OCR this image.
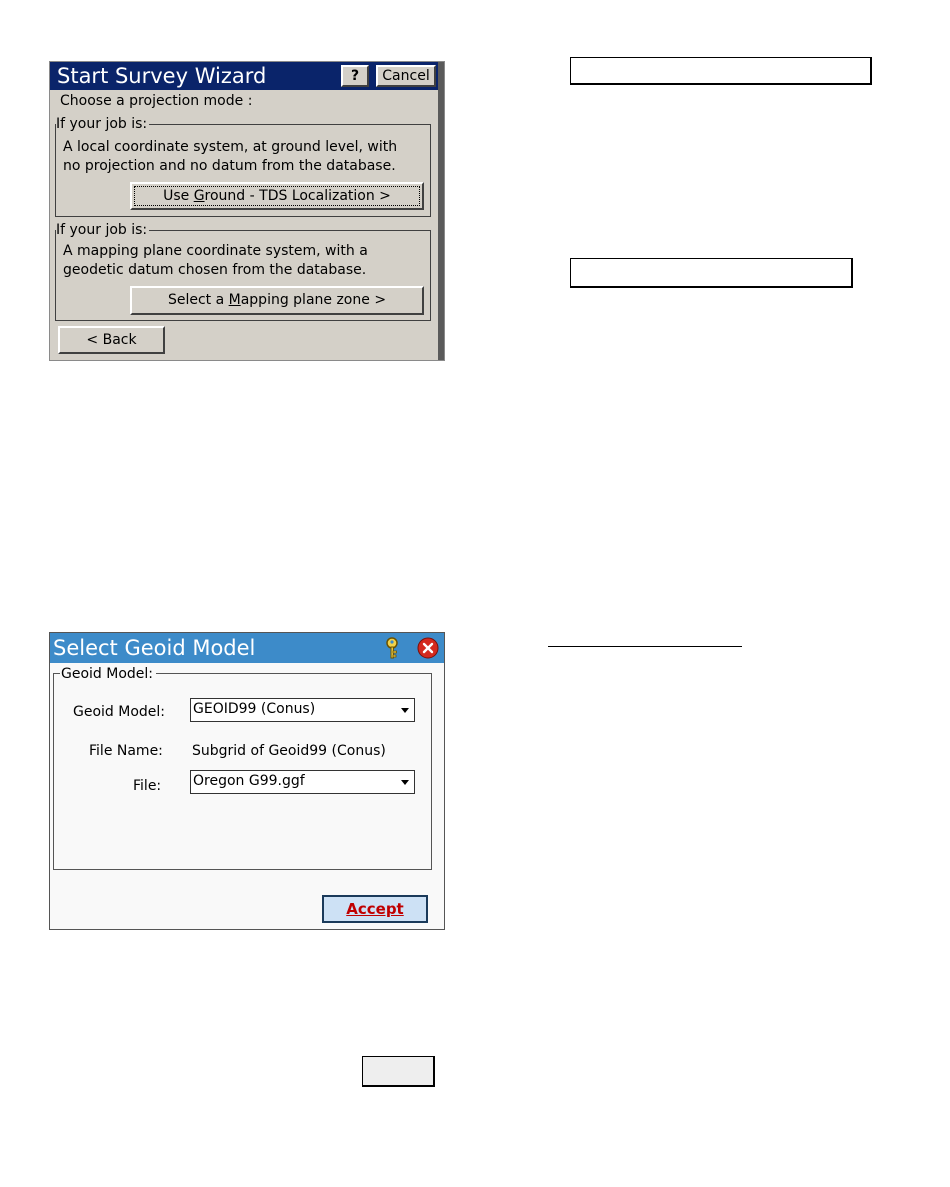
Start Survey Wizard	?	Cancel
Choose a projection mode :
If your job is:
A local coordinate system, at ground level, with
no projection and no datum from the database.
Use Ground - TDS Localization >
If your job is:
A mapping plane coordinate system, with a
geodetic datum chosen from the database.
Select a Mapping plane zone >
< Back
Select Geoid Model
Geoid Model:
Geoid Model: GEOID99 (Conus)
File Name: Subgrid of Geoid99 (Conus)
File: Oregon G99.ggf
Accept
